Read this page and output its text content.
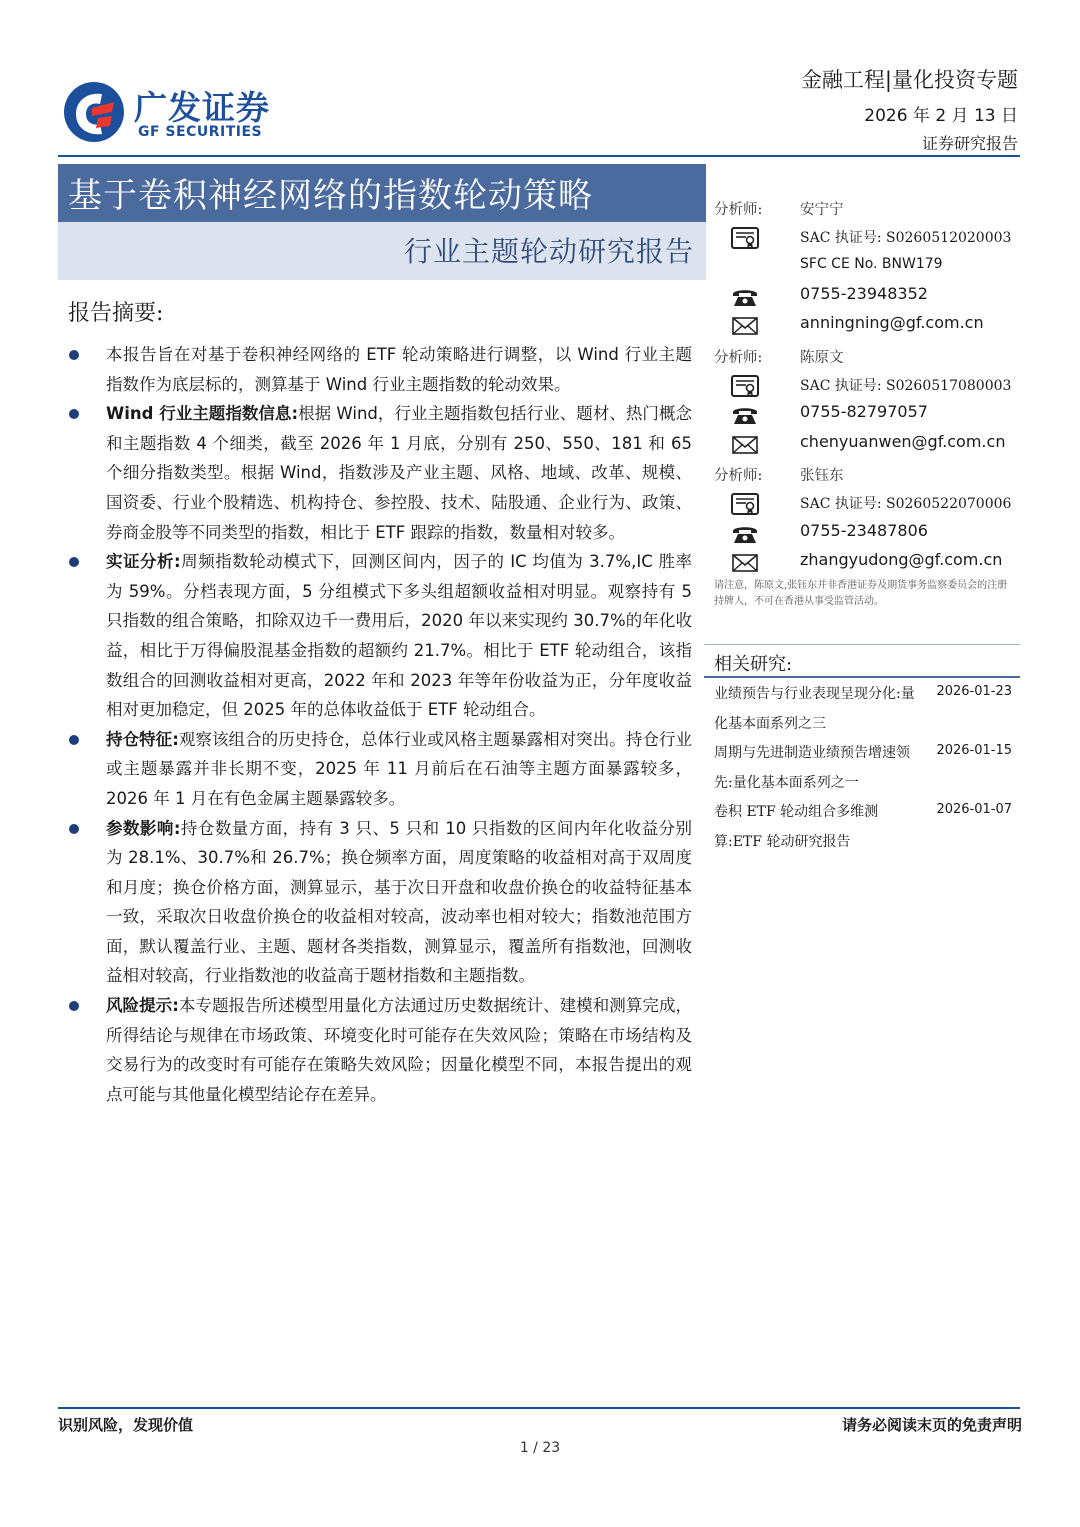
广发证券
GF SECURITIES
金融工程|量化投资专题
2026 年 2 月 13 日
证券研究报告
基于卷积神经网络的指数轮动策略
行业主题轮动研究报告
报告摘要:
本报告旨在对基于卷积神经网络的 ETF 轮动策略进行调整，以 Wind 行业主题指数作为底层标的，测算基于 Wind 行业主题指数的轮动效果。
Wind 行业主题指数信息:根据 Wind，行业主题指数包括行业、题材、热门概念和主题指数 4 个细类，截至 2026 年 1 月底，分别有 250、550、181 和 65 个细分指数类型。根据 Wind，指数涉及产业主题、风格、地域、改革、规模、国资委、行业个股精选、机构持仓、参控股、技术、陆股通、企业行为、政策、券商金股等不同类型的指数，相比于 ETF 跟踪的指数，数量相对较多。
实证分析:周频指数轮动模式下，回测区间内，因子的 IC 均值为 3.7%,IC 胜率为 59%。分档表现方面，5 分组模式下多头组超额收益相对明显。观察持有 5 只指数的组合策略，扣除双边千一费用后，2020 年以来实现约 30.7%的年化收益，相比于万得偏股混基金指数的超额约 21.7%。相比于 ETF 轮动组合，该指数组合的回测收益相对更高，2022 年和 2023 年等年份收益为正，分年度收益相对更加稳定，但 2025 年的总体收益低于 ETF 轮动组合。
持仓特征:观察该组合的历史持仓，总体行业或风格主题暴露相对突出。持仓行业或主题暴露并非长期不变，2025 年 11 月前后在石油等主题方面暴露较多，2026 年 1 月在有色金属主题暴露较多。
参数影响:持仓数量方面，持有 3 只、5 只和 10 只指数的区间内年化收益分别为 28.1%、30.7%和 26.7%；换仓频率方面，周度策略的收益相对高于双周度和月度；换仓价格方面，测算显示，基于次日开盘和收盘价换仓的收益特征基本一致，采取次日收盘价换仓的收益相对较高，波动率也相对较大；指数池范围方面，默认覆盖行业、主题、题材各类指数，测算显示，覆盖所有指数池，回测收益相对较高，行业指数池的收益高于题材指数和主题指数。
风险提示:本专题报告所述模型用量化方法通过历史数据统计、建模和测算完成，所得结论与规律在市场政策、环境变化时可能存在失效风险；策略在市场结构及交易行为的改变时有可能存在策略失效风险；因量化模型不同，本报告提出的观点可能与其他量化模型结论存在差异。
分析师:	安宁宁
SAC 执证号: S0260512020003
SFC CE No. BNW179
0755-23948352
anningning@gf.com.cn
分析师:	陈原文
SAC 执证号: S0260517080003
0755-82797057
chenyuanwen@gf.com.cn
分析师:	张钰东
SAC 执证号: S0260522070006
0755-23487806
zhangyudong@gf.com.cn
请注意，陈原文,张钰东并非香港证券及期货事务监察委员会的注册持牌人，不可在香港从事受监管活动。
相关研究:
业绩预告与行业表现呈现分化:量化基本面系列之三
2026-01-23
周期与先进制造业绩预告增速领先:量化基本面系列之一
2026-01-15
卷积 ETF 轮动组合多维测算:ETF 轮动研究报告
2026-01-07
识别风险，发现价值	请务必阅读末页的免责声明
1 / 23
